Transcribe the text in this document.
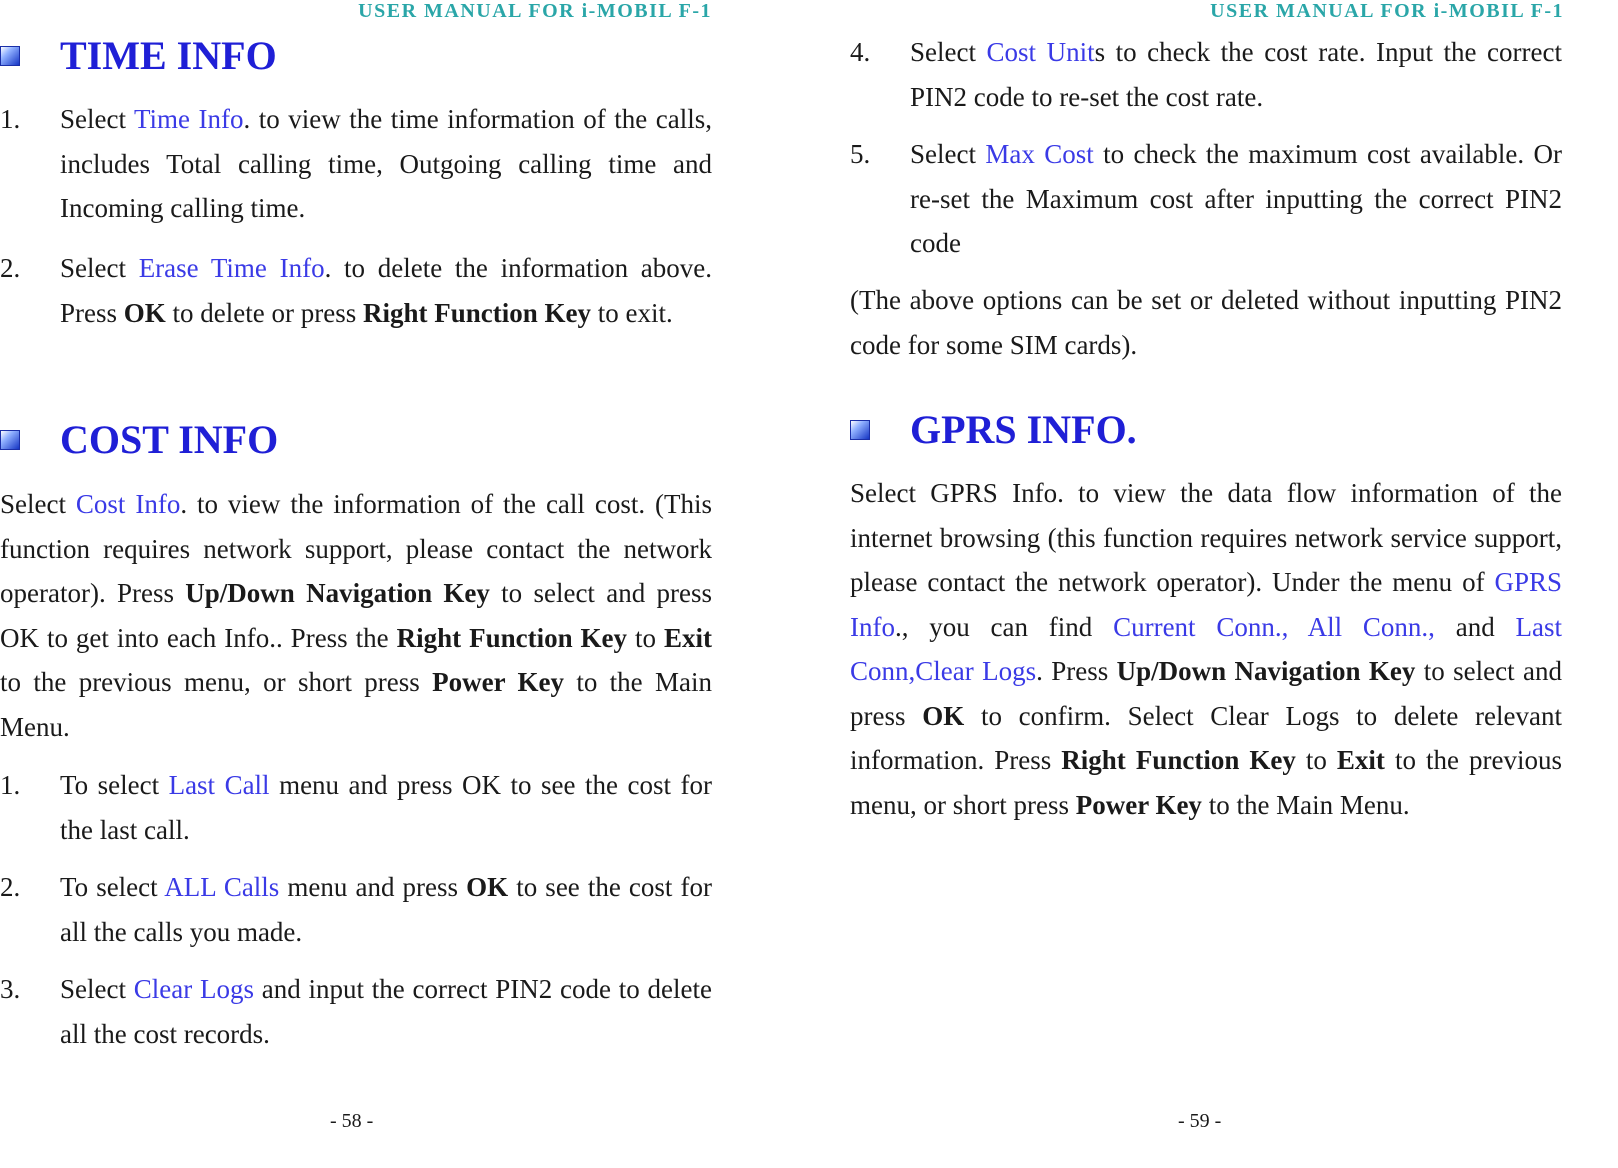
USER MANUAL FOR i-MOBIL F-1
TIME INFO
1. Select Time Info. to view the time information of the calls, includes Total calling time, Outgoing calling time and Incoming calling time.
2. Select Erase Time Info. to delete the information above. Press OK to delete or press Right Function Key to exit.
COST INFO

Select Cost Info. to view the information of the call cost. (This function requires network support, please contact the network operator). Press Up/Down Navigation Key to select and press OK to get into each Info.. Press the Right Function Key to Exit to the previous menu, or short press Power Key to the Main Menu.

1. To select Last Call menu and press OK to see the cost for the last call.
2. To select ALL Calls menu and press OK to see the cost for all the calls you made.
3. Select Clear Logs and input the correct PIN2 code to delete all the cost records.
- 58 -
USER MANUAL FOR i-MOBIL F-1
4. Select Cost Units to check the cost rate. Input the correct PIN2 code to re-set the cost rate.
5. Select Max Cost to check the maximum cost available. Or re-set the Maximum cost after inputting the correct PIN2 code

(The above options can be set or deleted without inputting PIN2 code for some SIM cards).

GPRS INFO.

Select GPRS Info. to view the data flow information of the internet browsing (this function requires network service support, please contact the network operator). Under the menu of GPRS Info., you can find Current Conn., All Conn., and Last Conn,Clear Logs. Press Up/Down Navigation Key to select and press OK to confirm. Select Clear Logs to delete relevant information. Press Right Function Key to Exit to the previous menu, or short press Power Key to the Main Menu.

- 59 -
